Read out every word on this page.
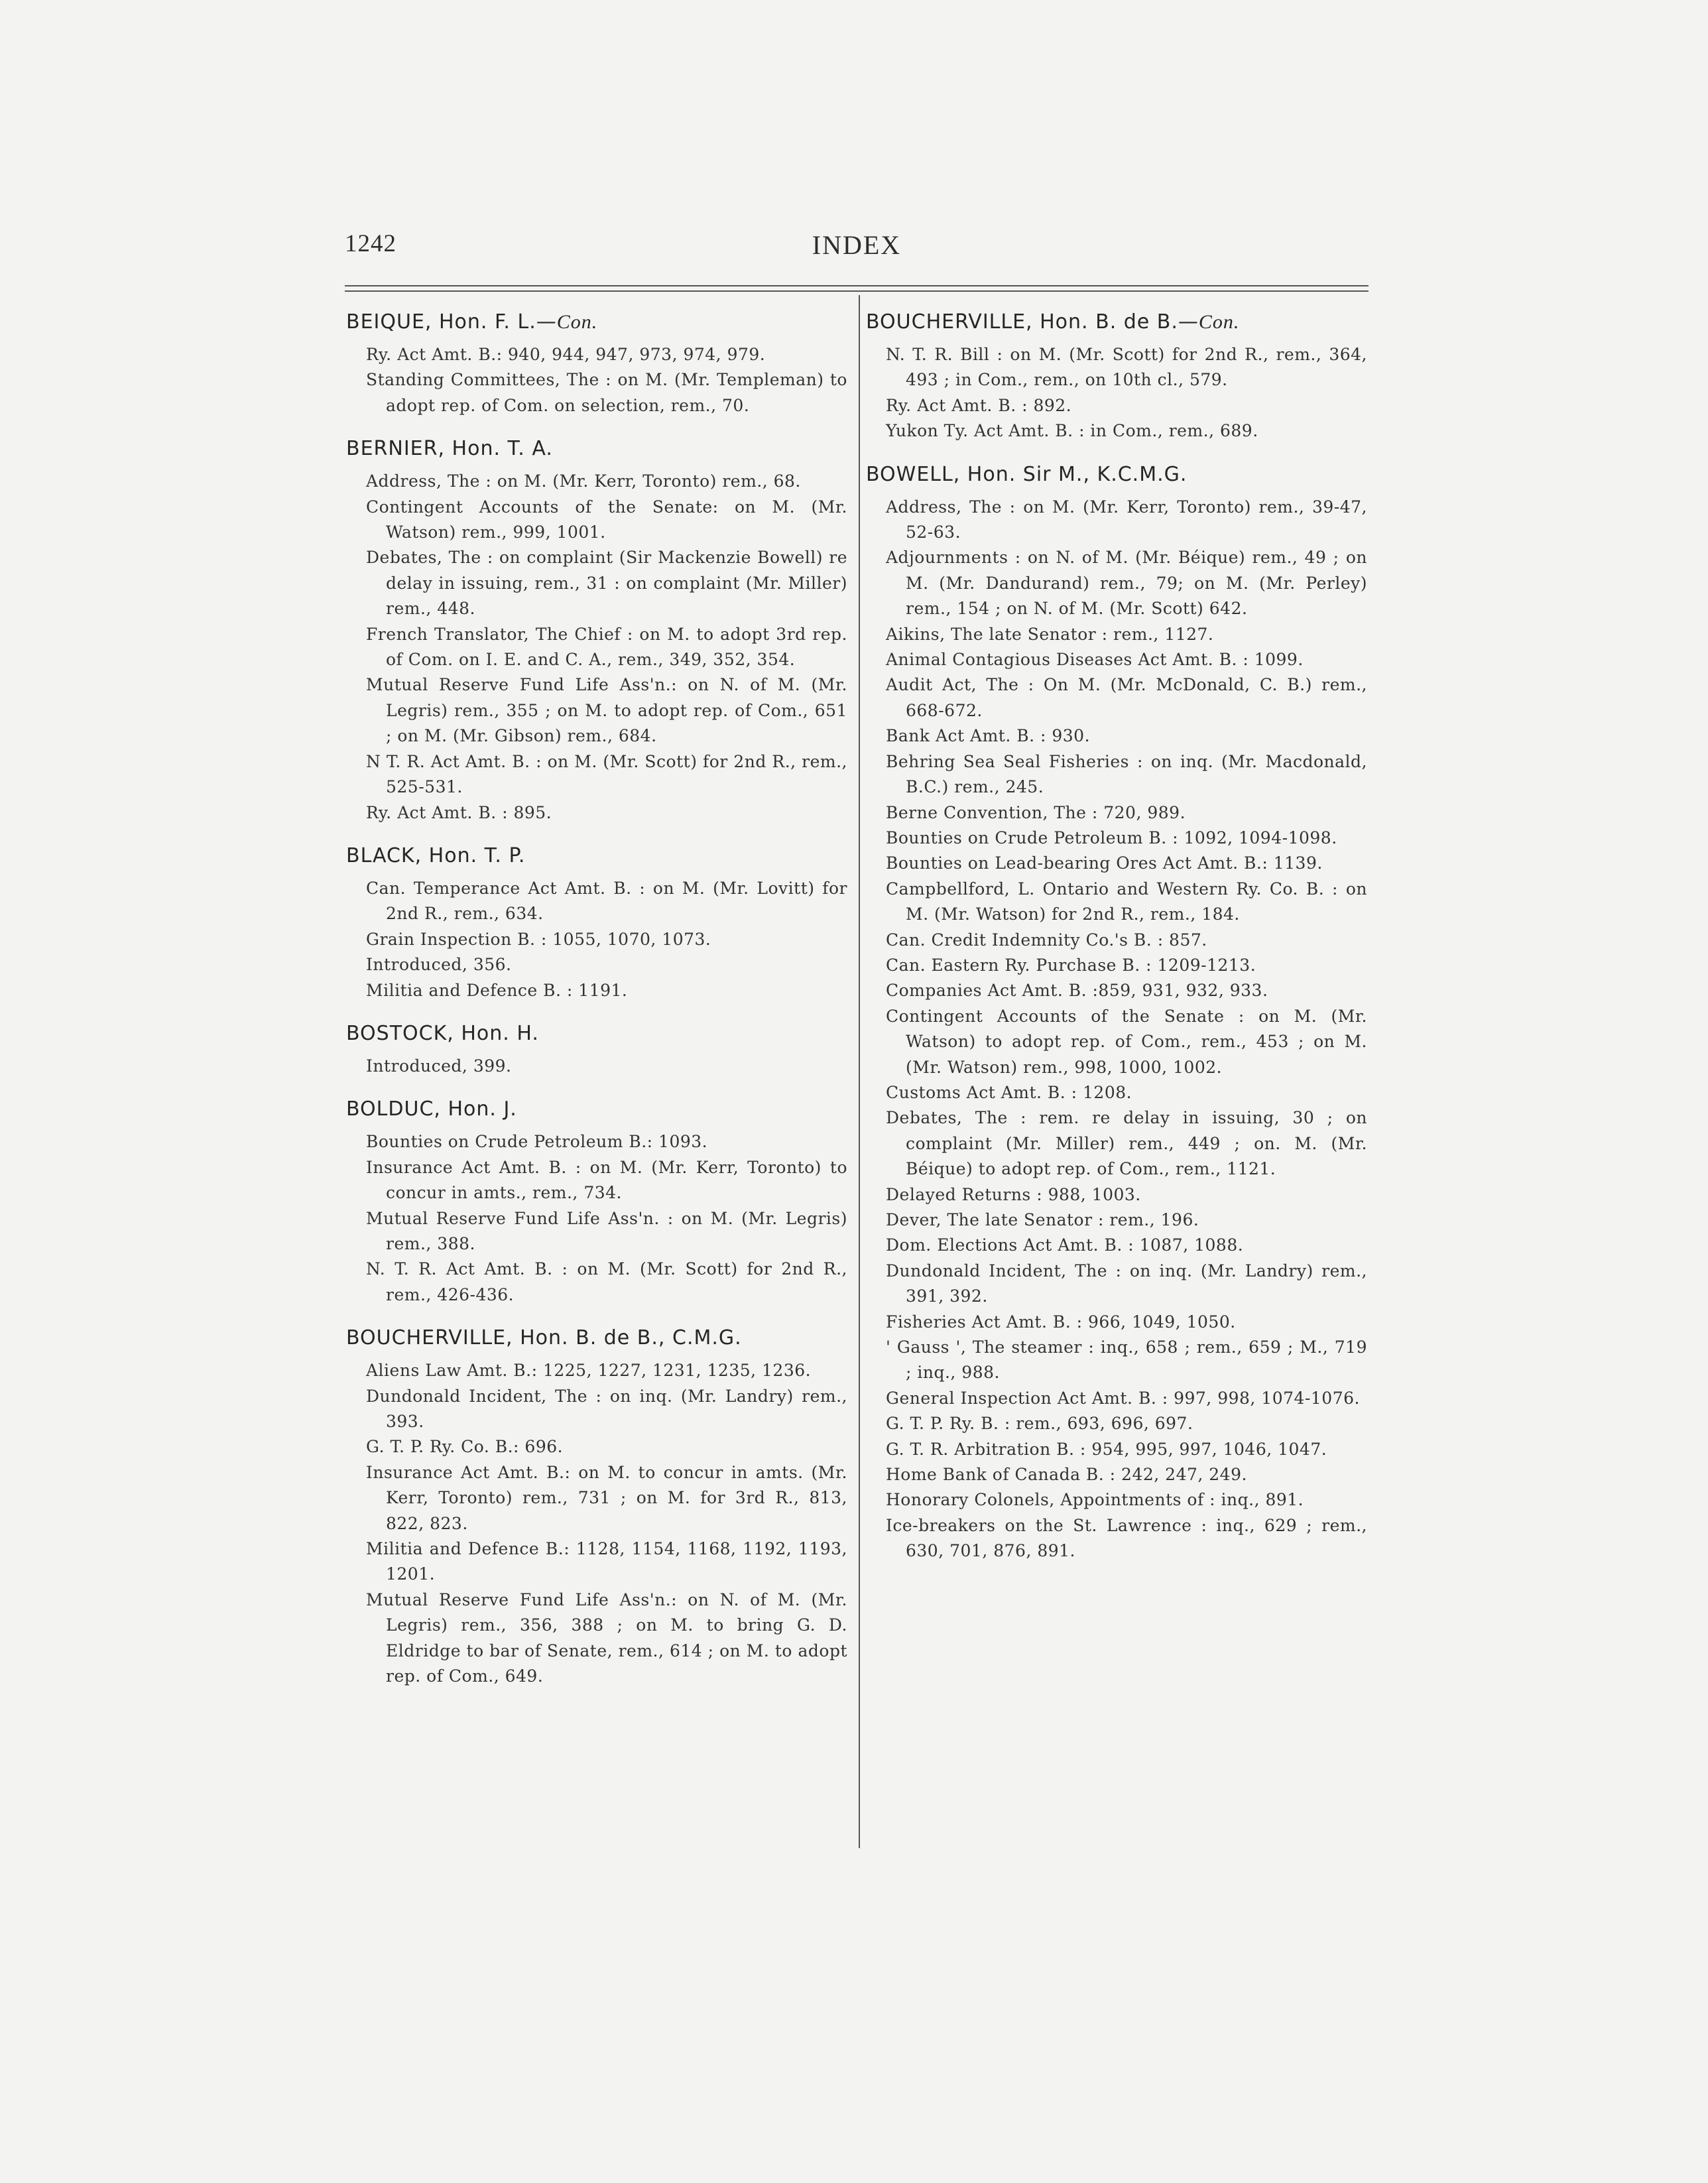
1242	INDEX
BEIQUE, Hon. F. L.—Con.
Ry. Act Amt. B.: 940, 944, 947, 973, 974, 979.
Standing Committees, The : on M. (Mr. Templeman) to adopt rep. of Com. on selection, rem., 70.
BERNIER, Hon. T. A.
Address, The : on M. (Mr. Kerr, Toronto) rem., 68.
Contingent Accounts of the Senate: on M. (Mr. Watson) rem., 999, 1001.
Debates, The : on complaint (Sir Mackenzie Bowell) re delay in issuing, rem., 31 : on complaint (Mr. Miller) rem., 448.
French Translator, The Chief : on M. to adopt 3rd rep. of Com. on I. E. and C. A., rem., 349, 352, 354.
Mutual Reserve Fund Life Ass'n.: on N. of M. (Mr. Legris) rem., 355 ; on M. to adopt rep. of Com., 651 ; on M. (Mr. Gibson) rem., 684.
N T. R. Act Amt. B. : on M. (Mr. Scott) for 2nd R., rem., 525-531.
Ry. Act Amt. B. : 895.
BLACK, Hon. T. P.
Can. Temperance Act Amt. B. : on M. (Mr. Lovitt) for 2nd R., rem., 634.
Grain Inspection B. : 1055, 1070, 1073.
Introduced, 356.
Militia and Defence B. : 1191.
BOSTOCK, Hon. H.
Introduced, 399.
BOLDUC, Hon. J.
Bounties on Crude Petroleum B.: 1093.
Insurance Act Amt. B. : on M. (Mr. Kerr, Toronto) to concur in amts., rem., 734.
Mutual Reserve Fund Life Ass'n. : on M. (Mr. Legris) rem., 388.
N. T. R. Act Amt. B. : on M. (Mr. Scott) for 2nd R., rem., 426-436.
BOUCHERVILLE, Hon. B. de B., C.M.G.
Aliens Law Amt. B.: 1225, 1227, 1231, 1235, 1236.
Dundonald Incident, The : on inq. (Mr. Landry) rem., 393.
G. T. P. Ry. Co. B.: 696.
Insurance Act Amt. B.: on M. to concur in amts. (Mr. Kerr, Toronto) rem., 731 ; on M. for 3rd R., 813, 822, 823.
Militia and Defence B.: 1128, 1154, 1168, 1192, 1193, 1201.
Mutual Reserve Fund Life Ass'n.: on N. of M. (Mr. Legris) rem., 356, 388 ; on M. to bring G. D. Eldridge to bar of Senate, rem., 614 ; on M. to adopt rep. of Com., 649.
BOUCHERVILLE, Hon. B. de B.—Con.
N. T. R. Bill : on M. (Mr. Scott) for 2nd R., rem., 364, 493 ; in Com., rem., on 10th cl., 579.
Ry. Act Amt. B. : 892.
Yukon Ty. Act Amt. B. : in Com., rem., 689.
BOWELL, Hon. Sir M., K.C.M.G.
Address, The : on M. (Mr. Kerr, Toronto) rem., 39-47, 52-63.
Adjournments : on N. of M. (Mr. Béique) rem., 49 ; on M. (Mr. Dandurand) rem., 79; on M. (Mr. Perley) rem., 154 ; on N. of M. (Mr. Scott) 642.
Aikins, The late Senator : rem., 1127.
Animal Contagious Diseases Act Amt. B. : 1099.
Audit Act, The : On M. (Mr. McDonald, C. B.) rem., 668-672.
Bank Act Amt. B. : 930.
Behring Sea Seal Fisheries : on inq. (Mr. Macdonald, B.C.) rem., 245.
Berne Convention, The : 720, 989.
Bounties on Crude Petroleum B. : 1092, 1094-1098.
Bounties on Lead-bearing Ores Act Amt. B.: 1139.
Campbellford, L. Ontario and Western Ry. Co. B. : on M. (Mr. Watson) for 2nd R., rem., 184.
Can. Credit Indemnity Co.'s B. : 857.
Can. Eastern Ry. Purchase B. : 1209-1213.
Companies Act Amt. B. :859, 931, 932, 933.
Contingent Accounts of the Senate : on M. (Mr. Watson) to adopt rep. of Com., rem., 453 ; on M. (Mr. Watson) rem., 998, 1000, 1002.
Customs Act Amt. B. : 1208.
Debates, The : rem. re delay in issuing, 30 ; on complaint (Mr. Miller) rem., 449 ; on. M. (Mr. Béique) to adopt rep. of Com., rem., 1121.
Delayed Returns : 988, 1003.
Dever, The late Senator : rem., 196.
Dom. Elections Act Amt. B. : 1087, 1088.
Dundonald Incident, The : on inq. (Mr. Landry) rem., 391, 392.
Fisheries Act Amt. B. : 966, 1049, 1050.
' Gauss ', The steamer : inq., 658 ; rem., 659 ; M., 719 ; inq., 988.
General Inspection Act Amt. B. : 997, 998, 1074-1076.
G. T. P. Ry. B. : rem., 693, 696, 697.
G. T. R. Arbitration B. : 954, 995, 997, 1046, 1047.
Home Bank of Canada B. : 242, 247, 249.
Honorary Colonels, Appointments of : inq., 891.
Ice-breakers on the St. Lawrence : inq., 629 ; rem., 630, 701, 876, 891.
